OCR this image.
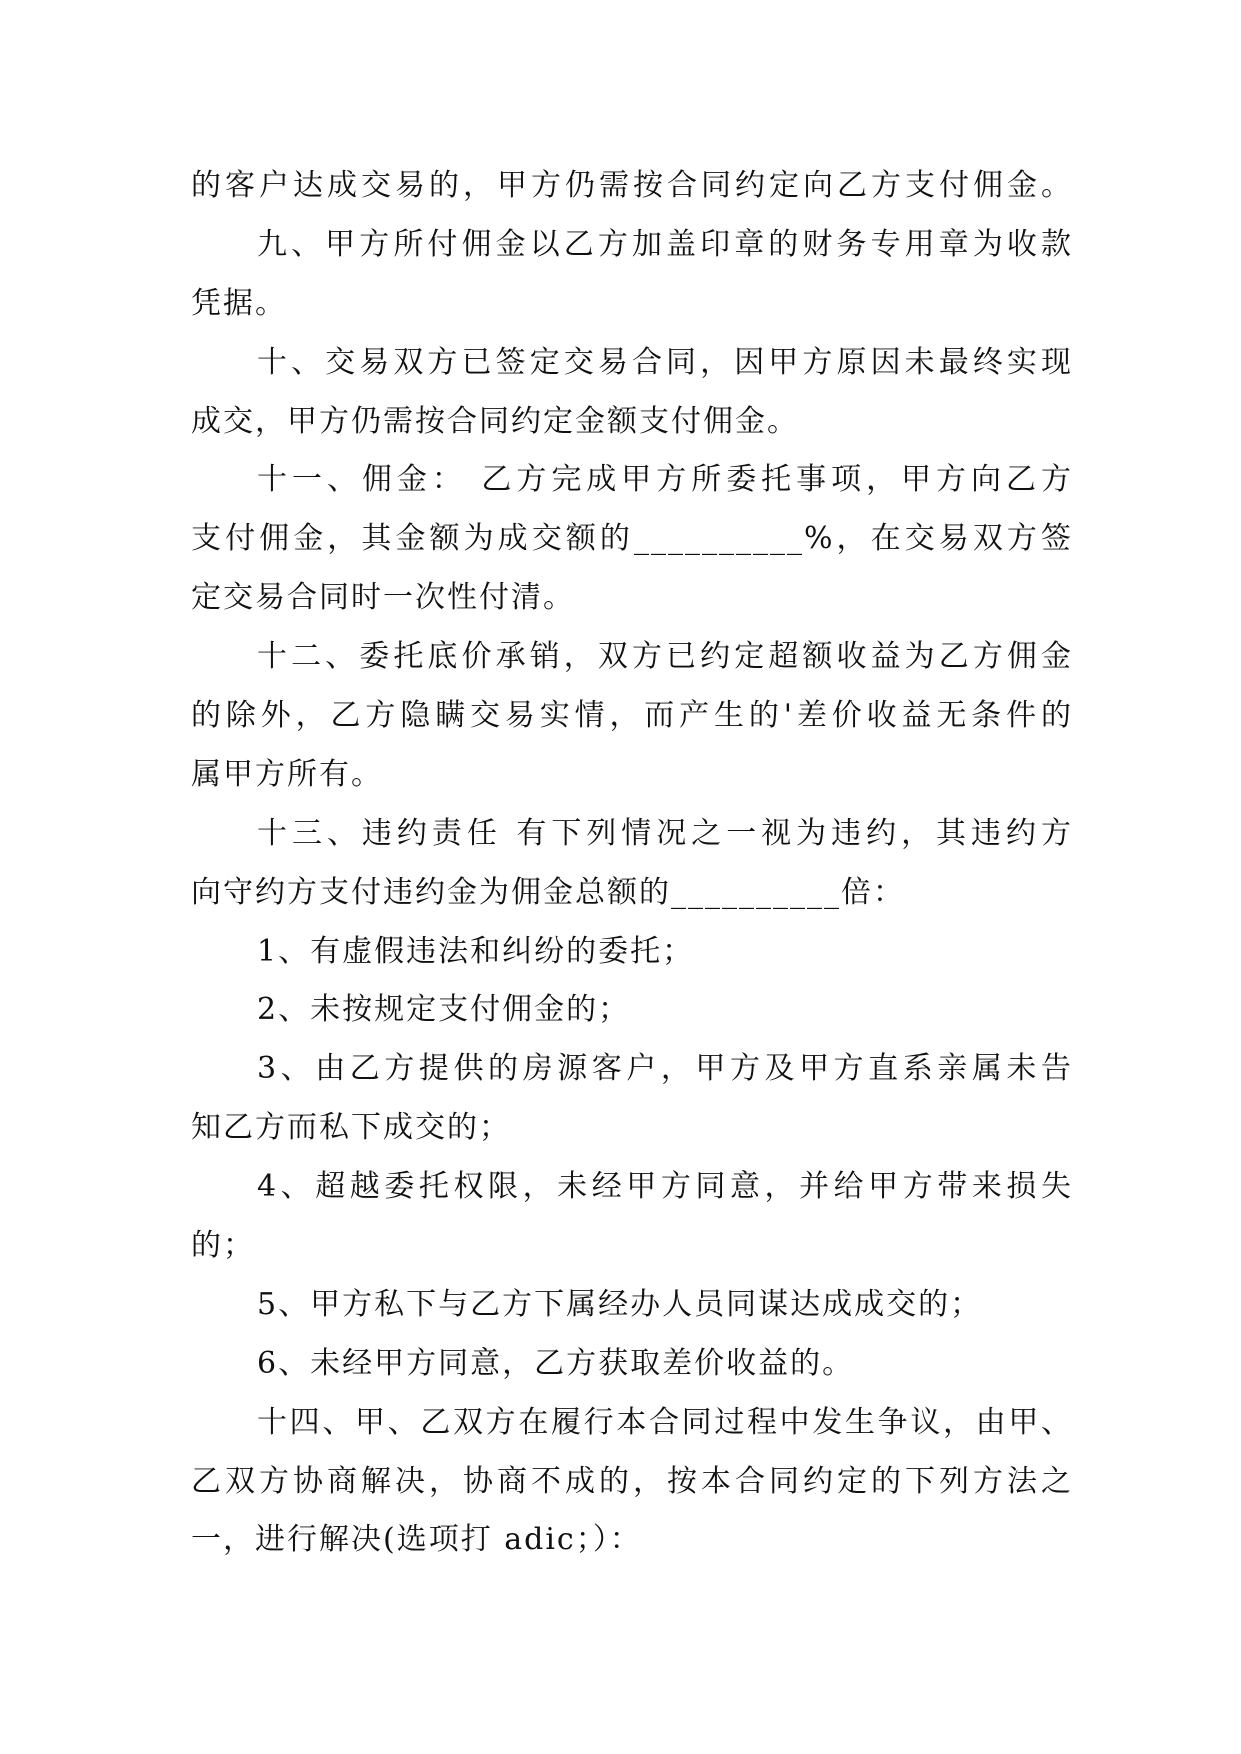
的客户达成交易的，甲方仍需按合同约定向乙方支付佣金。
九、甲方所付佣金以乙方加盖印章的财务专用章为收款
凭据。
十、交易双方已签定交易合同，因甲方原因未最终实现
成交，甲方仍需按合同约定金额支付佣金。
十一、佣金： 乙方完成甲方所委托事项，甲方向乙方
支付佣金，其金额为成交额的__________%，在交易双方签
定交易合同时一次性付清。
十二、委托底价承销，双方已约定超额收益为乙方佣金
的除外，乙方隐瞒交易实情，而产生的'差价收益无条件的
属甲方所有。
十三、违约责任 有下列情况之一视为违约，其违约方
向守约方支付违约金为佣金总额的__________倍：
1、有虚假违法和纠纷的委托；
2、未按规定支付佣金的；
3、由乙方提供的房源客户，甲方及甲方直系亲属未告
知乙方而私下成交的；
4、超越委托权限，未经甲方同意，并给甲方带来损失
的；
5、甲方私下与乙方下属经办人员同谋达成成交的；
6、未经甲方同意，乙方获取差价收益的。
十四、甲、乙双方在履行本合同过程中发生争议，由甲、
乙双方协商解决，协商不成的，按本合同约定的下列方法之
一，进行解决(选项打 adic；）：
